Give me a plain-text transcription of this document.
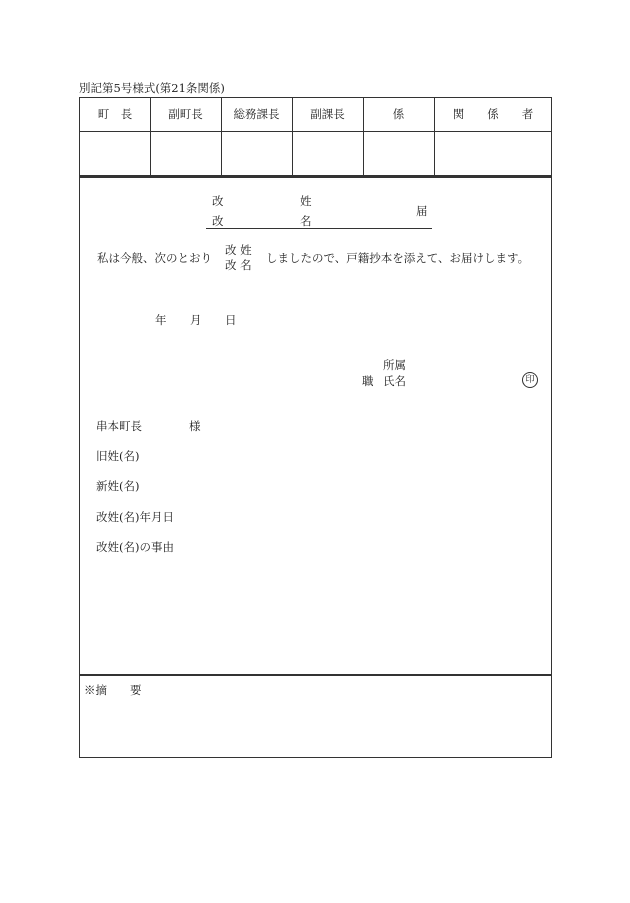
別記第5号様式(第21条関係)
町　長	副町長	総務課長	副課長	係	関　　係　　者
改	姓
改	名
届
私は今般、次のとおり
改 姓
改 名 しましたので、戸籍抄本を添えて、お届けします。
年 月 日
所属
職 氏名	印
串本町長	様
旧姓(名)
新姓(名)
改姓(名)年月日
改姓(名)の事由
※摘　　要
